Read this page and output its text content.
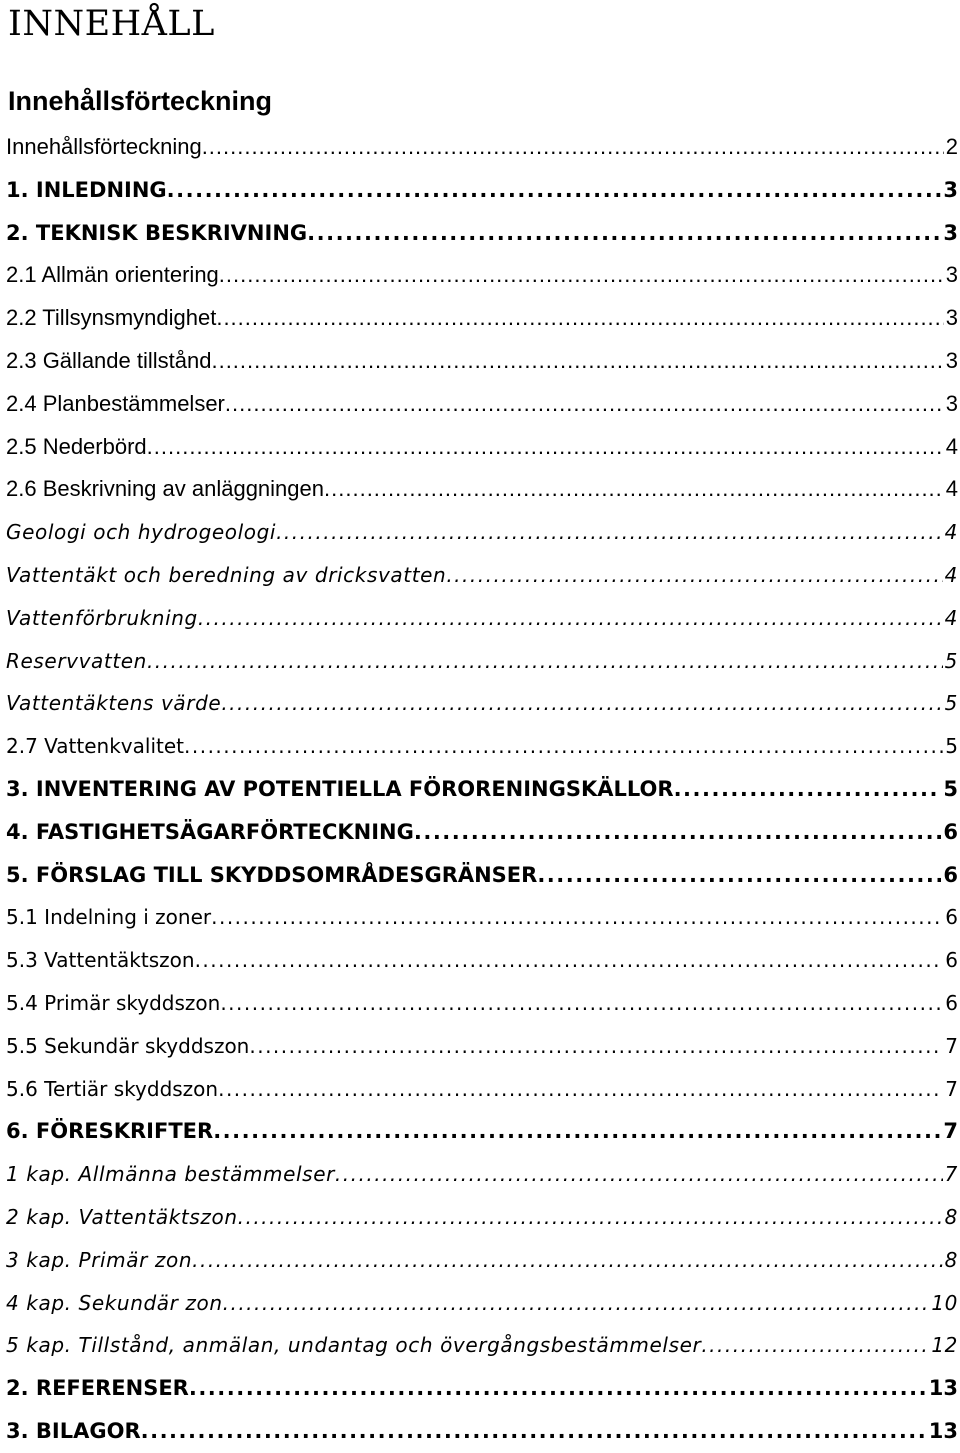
INNEHÅLL
Innehållsförteckning
Innehållsförteckning .....	2
1. INLEDNING .....	3
2. TEKNISK BESKRIVNING .....	3
2.1 Allmän orientering .....	3
2.2 Tillsynsmyndighet .....	3
2.3 Gällande tillstånd .....	3
2.4 Planbestämmelser .....	3
2.5 Nederbörd .....	4
2.6 Beskrivning av anläggningen .....	4
Geologi och hydrogeologi .....	4
Vattentäkt och beredning av dricksvatten .....	4
Vattenförbrukning .....	4
Reservvatten .....	5
Vattentäktens värde .....	5
2.7 Vattenkvalitet .....	5
3. INVENTERING AV POTENTIELLA FÖRORENINGSKÄLLOR .....	5
4. FASTIGHETSÄGARFÖRTECKNING .....	6
5. FÖRSLAG TILL SKYDDSOMRÅDESGRÄNSER .....	6
5.1 Indelning i zoner .....	6
5.3 Vattentäktszon .....	6
5.4 Primär skyddszon .....	6
5.5 Sekundär skyddszon .....	7
5.6 Tertiär skyddszon .....	7
6. FÖRESKRIFTER .....	7
1 kap. Allmänna bestämmelser .....	7
2 kap. Vattentäktszon .....	8
3 kap. Primär zon .....	8
4 kap. Sekundär zon .....	10
5 kap. Tillstånd, anmälan, undantag och övergångsbestämmelser .....	12
2. REFERENSER .....	13
3. BILAGOR .....	13
